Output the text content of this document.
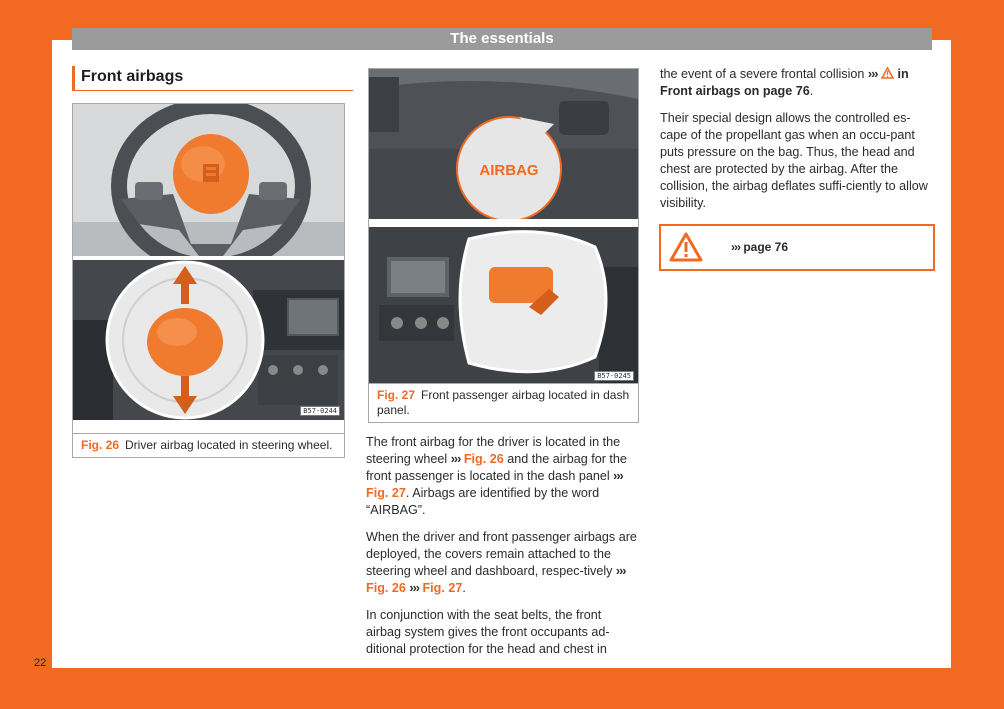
The essentials
Front airbags
B57-0244
Fig. 26 Driver airbag located in steering wheel.
AIRBAG
B57-0245
Fig. 27 Front passenger airbag located in dash panel.

The front airbag for the driver is located in the steering wheel ››› Fig. 26 and the airbag for the front passenger is located in the dash panel ››› Fig. 27. Airbags are identified by the word “AIRBAG”.

When the driver and front passenger airbags are deployed, the covers remain attached to the steering wheel and dashboard, respec-tively ››› Fig. 26 ››› Fig. 27.

In conjunction with the seat belts, the front airbag system gives the front occupants ad-ditional protection for the head and chest in

the event of a severe frontal collision ››› in Front airbags on page 76.

Their special design allows the controlled es-cape of the propellant gas when an occu-pant puts pressure on the bag. Thus, the head and chest are protected by the airbag. After the collision, the airbag deflates suffi-ciently to allow visibility.

››› page 76
22
